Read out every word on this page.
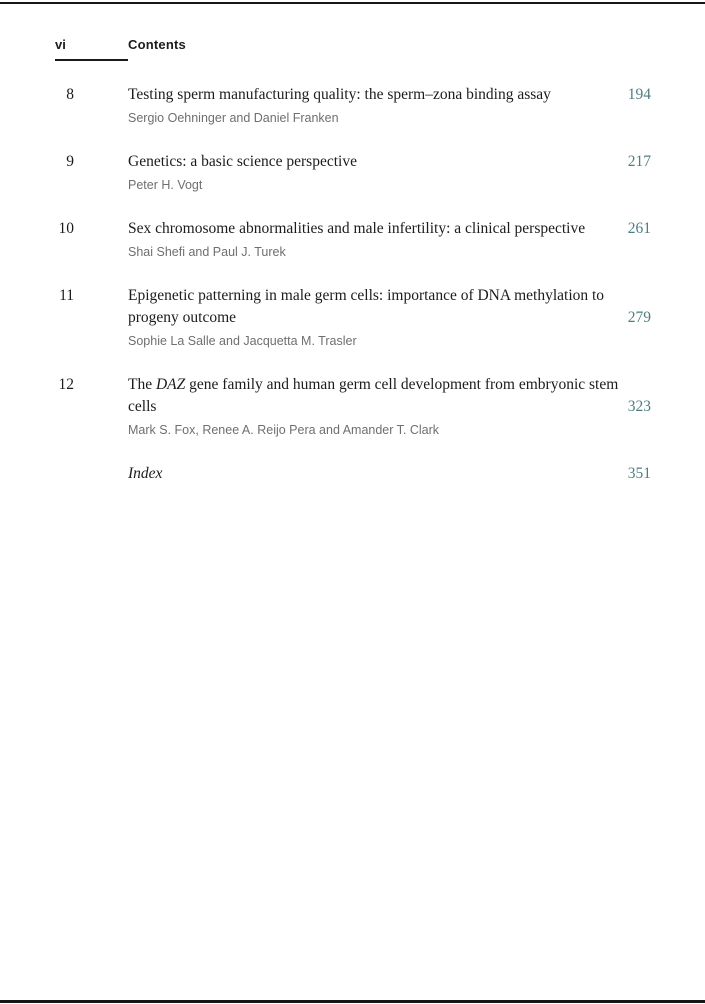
vi	Contents
8	Testing sperm manufacturing quality: the sperm–zona binding assay	194
Sergio Oehninger and Daniel Franken
9	Genetics: a basic science perspective	217
Peter H. Vogt
10	Sex chromosome abnormalities and male infertility: a clinical perspective	261
Shai Shefi and Paul J. Turek
11	Epigenetic patterning in male germ cells: importance of DNA methylation to progeny outcome	279
Sophie La Salle and Jacquetta M. Trasler
12	The DAZ gene family and human germ cell development from embryonic stem cells	323
Mark S. Fox, Renee A. Reijo Pera and Amander T. Clark
Index	351
